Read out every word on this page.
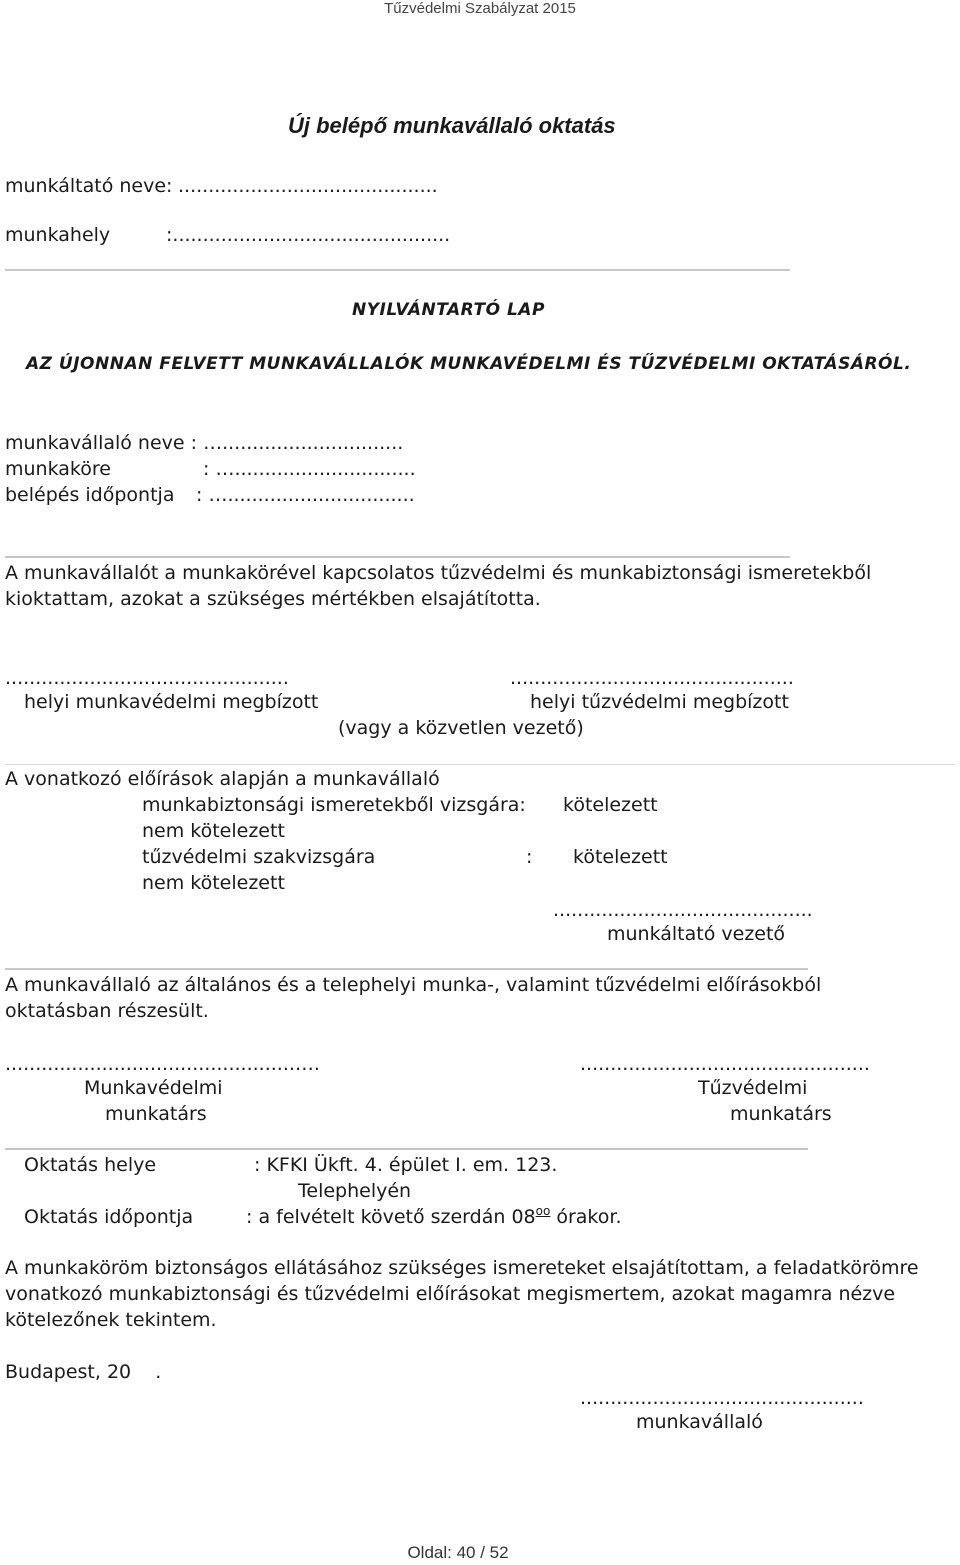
Tűzvédelmi Szabályzat 2015
Új belépő munkavállaló oktatás
munkáltató neve: ...........................................
munkahely	:..............................................
NYILVÁNTARTÓ LAP
AZ ÚJONNAN FELVETT MUNKAVÁLLALÓK MUNKAVÉDELMI ÉS TŰZVÉDELMI OKTATÁSÁRÓL.
munkavállaló neve : …..............................
munkaköre	: …..............................
belépés időpontja : …...............................
A munkavállalót a munkakörével kapcsolatos tűzvédelmi és munkabiztonsági ismeretekből
kioktattam, azokat a szükséges mértékben elsajátította.
...............................................	...............................................
helyi munkavédelmi megbízott	helyi tűzvédelmi megbízott
(vagy a közvetlen vezető)
A vonatkozó előírások alapján a munkavállaló
munkabiztonsági ismeretekből vizsgára: kötelezett
nem kötelezett
tűzvédelmi szakvizsgára	: kötelezett
nem kötelezett
...........................................
munkáltató vezető
A munkavállaló az általános és a telephelyi munka-, valamint tűzvédelmi előírásokból
oktatásban részesült.
................................................….	................................................
Munkavédelmi	Tűzvédelmi
munkatárs	munkatárs
Oktatás helye	: KFKI Ükft. 4. épület I. em. 123.
Telephelyén
Oktatás időpontja	: a felvételt követő szerdán $08^{oo}$ órakor.
A munkaköröm biztonságos ellátásához szükséges ismereteket elsajátítottam, a feladatkörömre
vonatkozó munkabiztonsági és tűzvédelmi előírásokat megismertem, azokat magamra nézve
kötelezőnek tekintem.
Budapest, 20    .
...............................................
munkavállaló
Oldal: 40 / 52
